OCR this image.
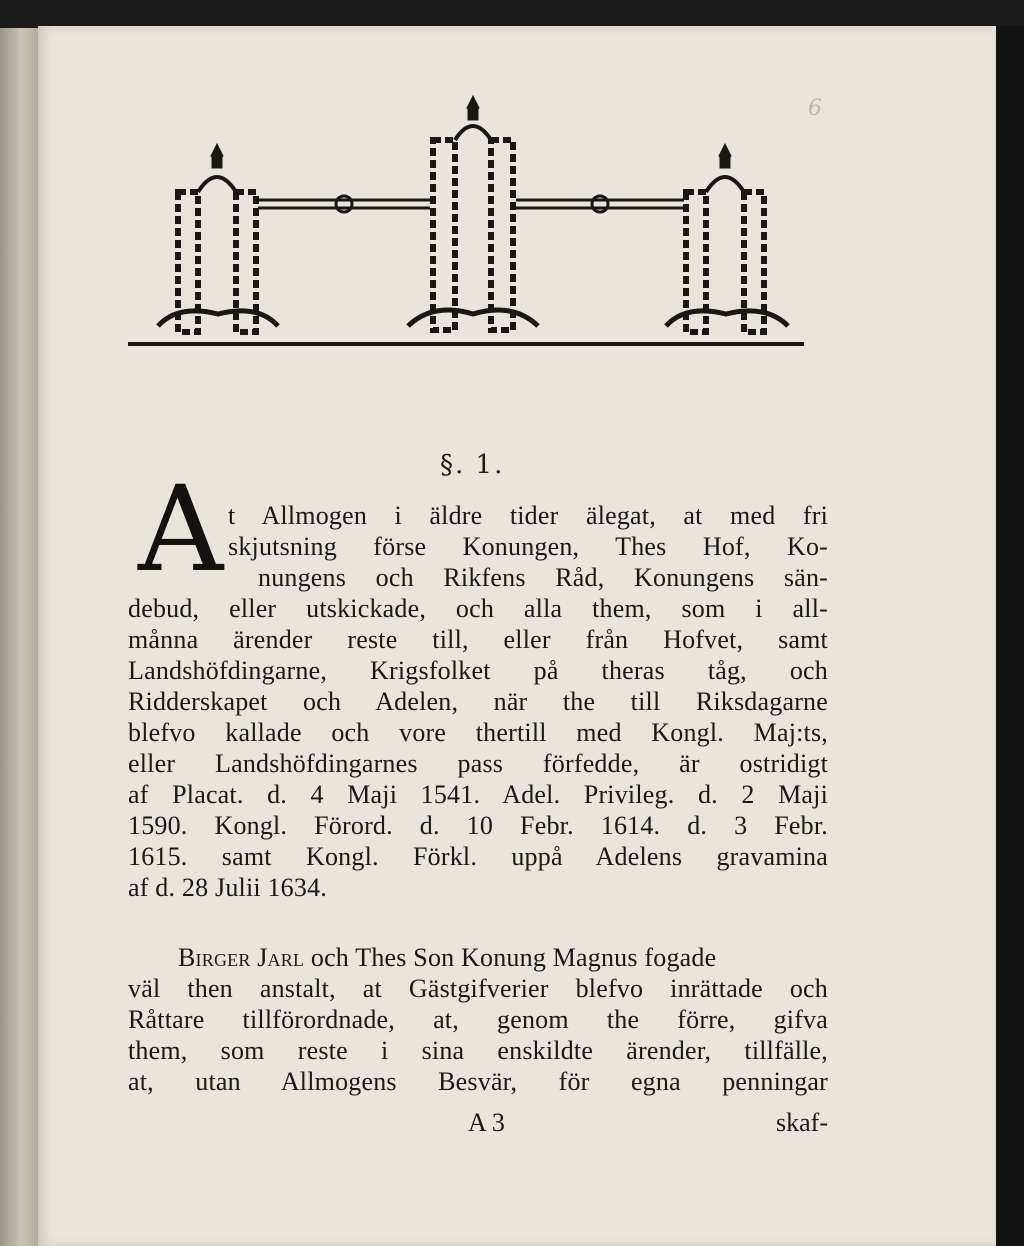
6
§. 1.
A t Allmogen i äldre tider älegat, at med fri
skjutsning förse Konungen, Thes Hof, Ko-
nungens och Rikfens Råd, Konungens sän-
debud, eller utskickade, och alla them, som i all-
månna ärender reste till, eller från Hofvet, samt
Landshöfdingarne, Krigsfolket på theras tåg, och
Ridderskapet och Adelen, när the till Riksdagarne
blefvo kallade och vore thertill med Kongl. Maj:ts,
eller Landshöfdingarnes pass förfedde, är ostridigt
af Placat. d. 4 Maji 1541. Adel. Privileg. d. 2 Maji
1590. Kongl. Förord. d. 10 Febr. 1614. d. 3 Febr.
1615. samt Kongl. Förkl. uppå Adelens gravamina
af d. 28 Julii 1634.
Birger Jarl och Thes Son Konung Magnus fogade
väl then anstalt, at Gästgifverier blefvo inrättade och
Råttare tillförordnade, at, genom the förre, gifva
them, som reste i sina enskildte ärender, tillfälle,
at, utan Allmogens Besvär, för egna penningar
A 3	skaf-
